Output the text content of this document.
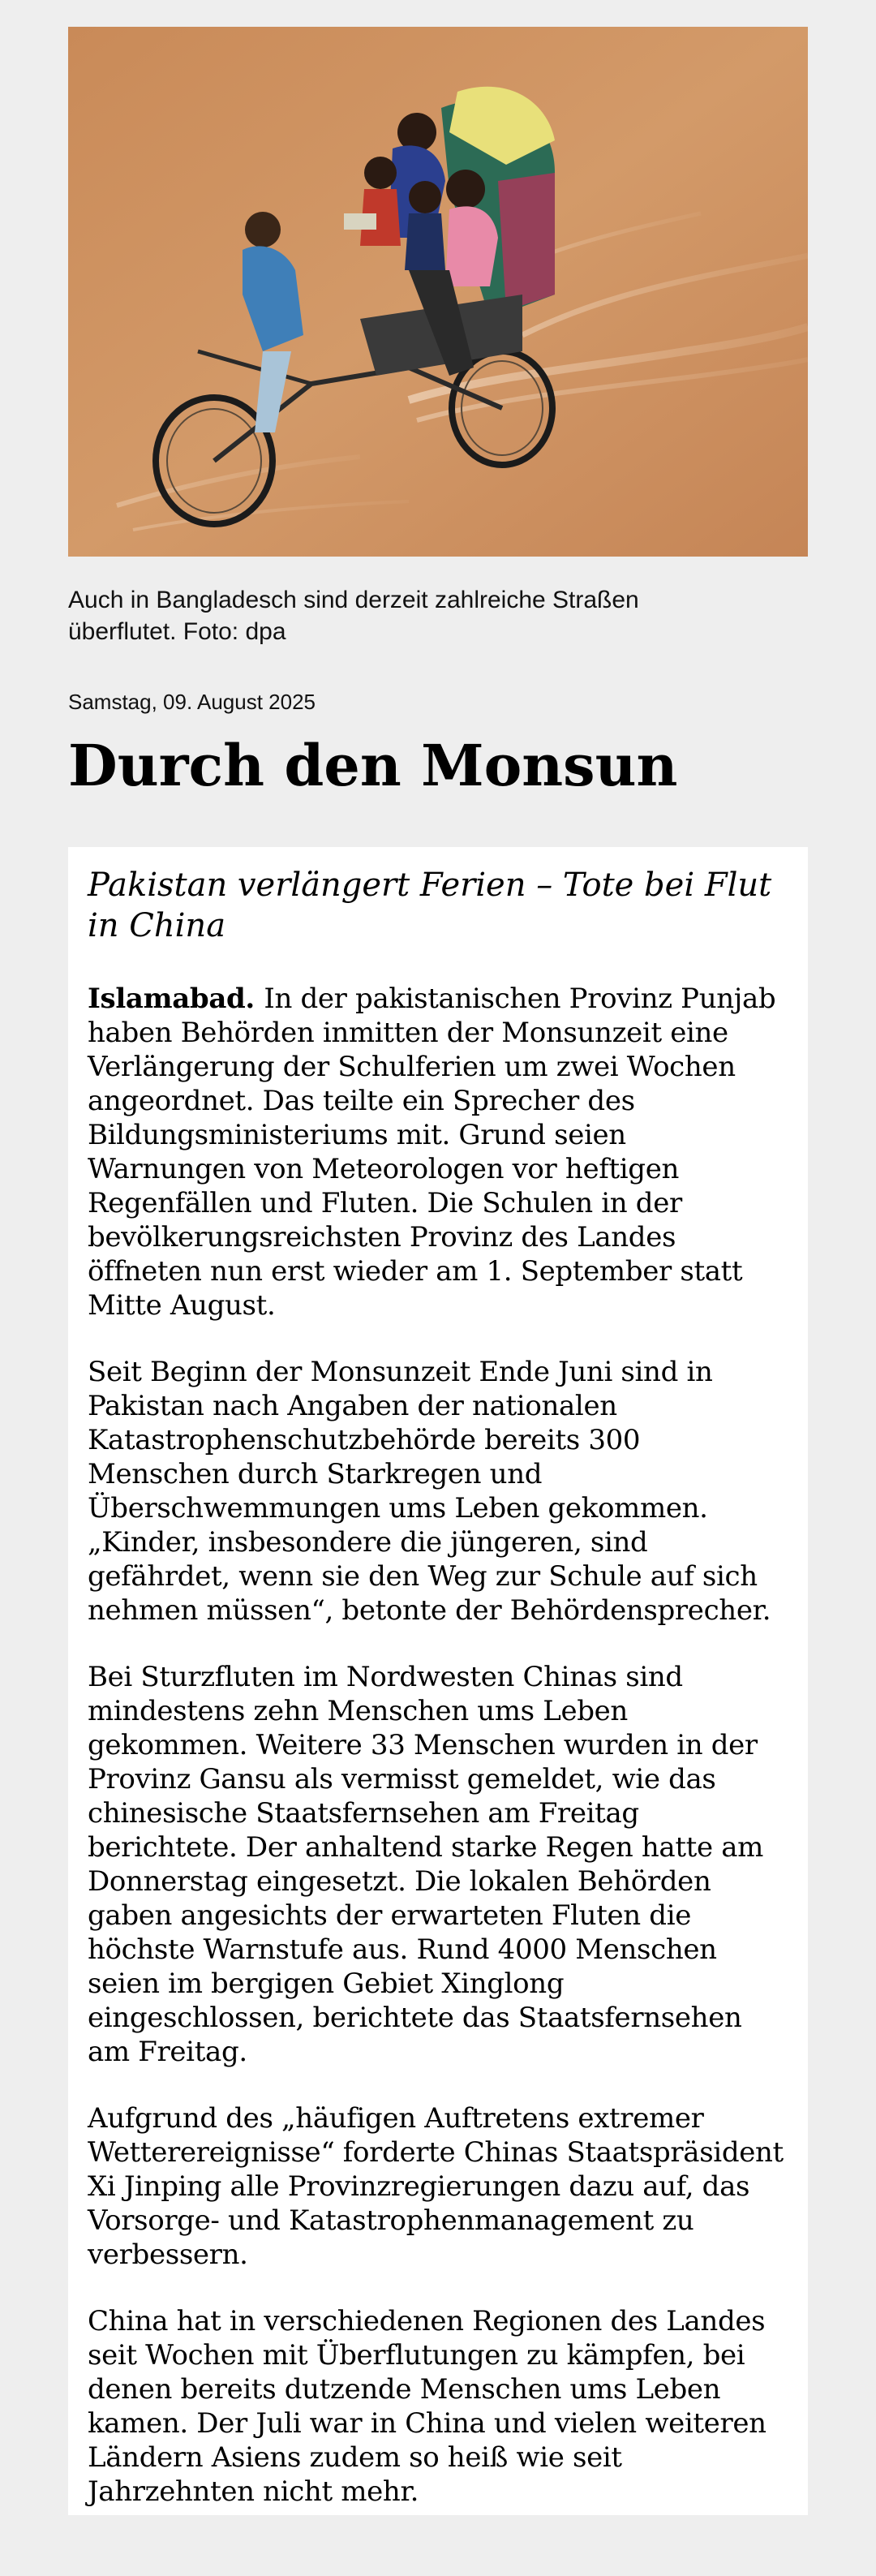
Auch in Bangladesch sind derzeit zahlreiche Straßen überflutet. Foto: dpa
Samstag, 09. August 2025
Durch den Monsun
Pakistan verlängert Ferien – Tote bei Flut in China

Islamabad. In der pakistanischen Provinz Punjab haben Behörden inmitten der Monsunzeit eine Verlängerung der Schulferien um zwei Wochen angeordnet. Das teilte ein Sprecher des Bildungsministeriums mit. Grund seien Warnungen von Meteorologen vor heftigen Regenfällen und Fluten. Die Schulen in der bevölkerungsreichsten Provinz des Landes öffneten nun erst wieder am 1. September statt Mitte August.

Seit Beginn der Monsunzeit Ende Juni sind in Pakistan nach Angaben der nationalen Katastrophenschutzbehörde bereits 300 Menschen durch Starkregen und Überschwemmungen ums Leben gekommen. „Kinder, insbesondere die jüngeren, sind gefährdet, wenn sie den Weg zur Schule auf sich nehmen müssen“, betonte der Behördensprecher.

Bei Sturzfluten im Nordwesten Chinas sind mindestens zehn Menschen ums Leben gekommen. Weitere 33 Menschen wurden in der Provinz Gansu als vermisst gemeldet, wie das chinesische Staatsfernsehen am Freitag berichtete. Der anhaltend starke Regen hatte am Donnerstag eingesetzt. Die lokalen Behörden gaben angesichts der erwarteten Fluten die höchste Warnstufe aus. Rund 4000 Menschen seien im bergigen Gebiet Xinglong eingeschlossen, berichtete das Staatsfernsehen am Freitag.

Aufgrund des „häufigen Auftretens extremer Wetterereignisse“ forderte Chinas Staatspräsident Xi Jinping alle Provinzregierungen dazu auf, das Vorsorge- und Katastrophenmanagement zu verbessern.

China hat in verschiedenen Regionen des Landes seit Wochen mit Überflutungen zu kämpfen, bei denen bereits dutzende Menschen ums Leben kamen. Der Juli war in China und vielen weiteren Ländern Asiens zudem so heiß wie seit Jahrzehnten nicht mehr.
